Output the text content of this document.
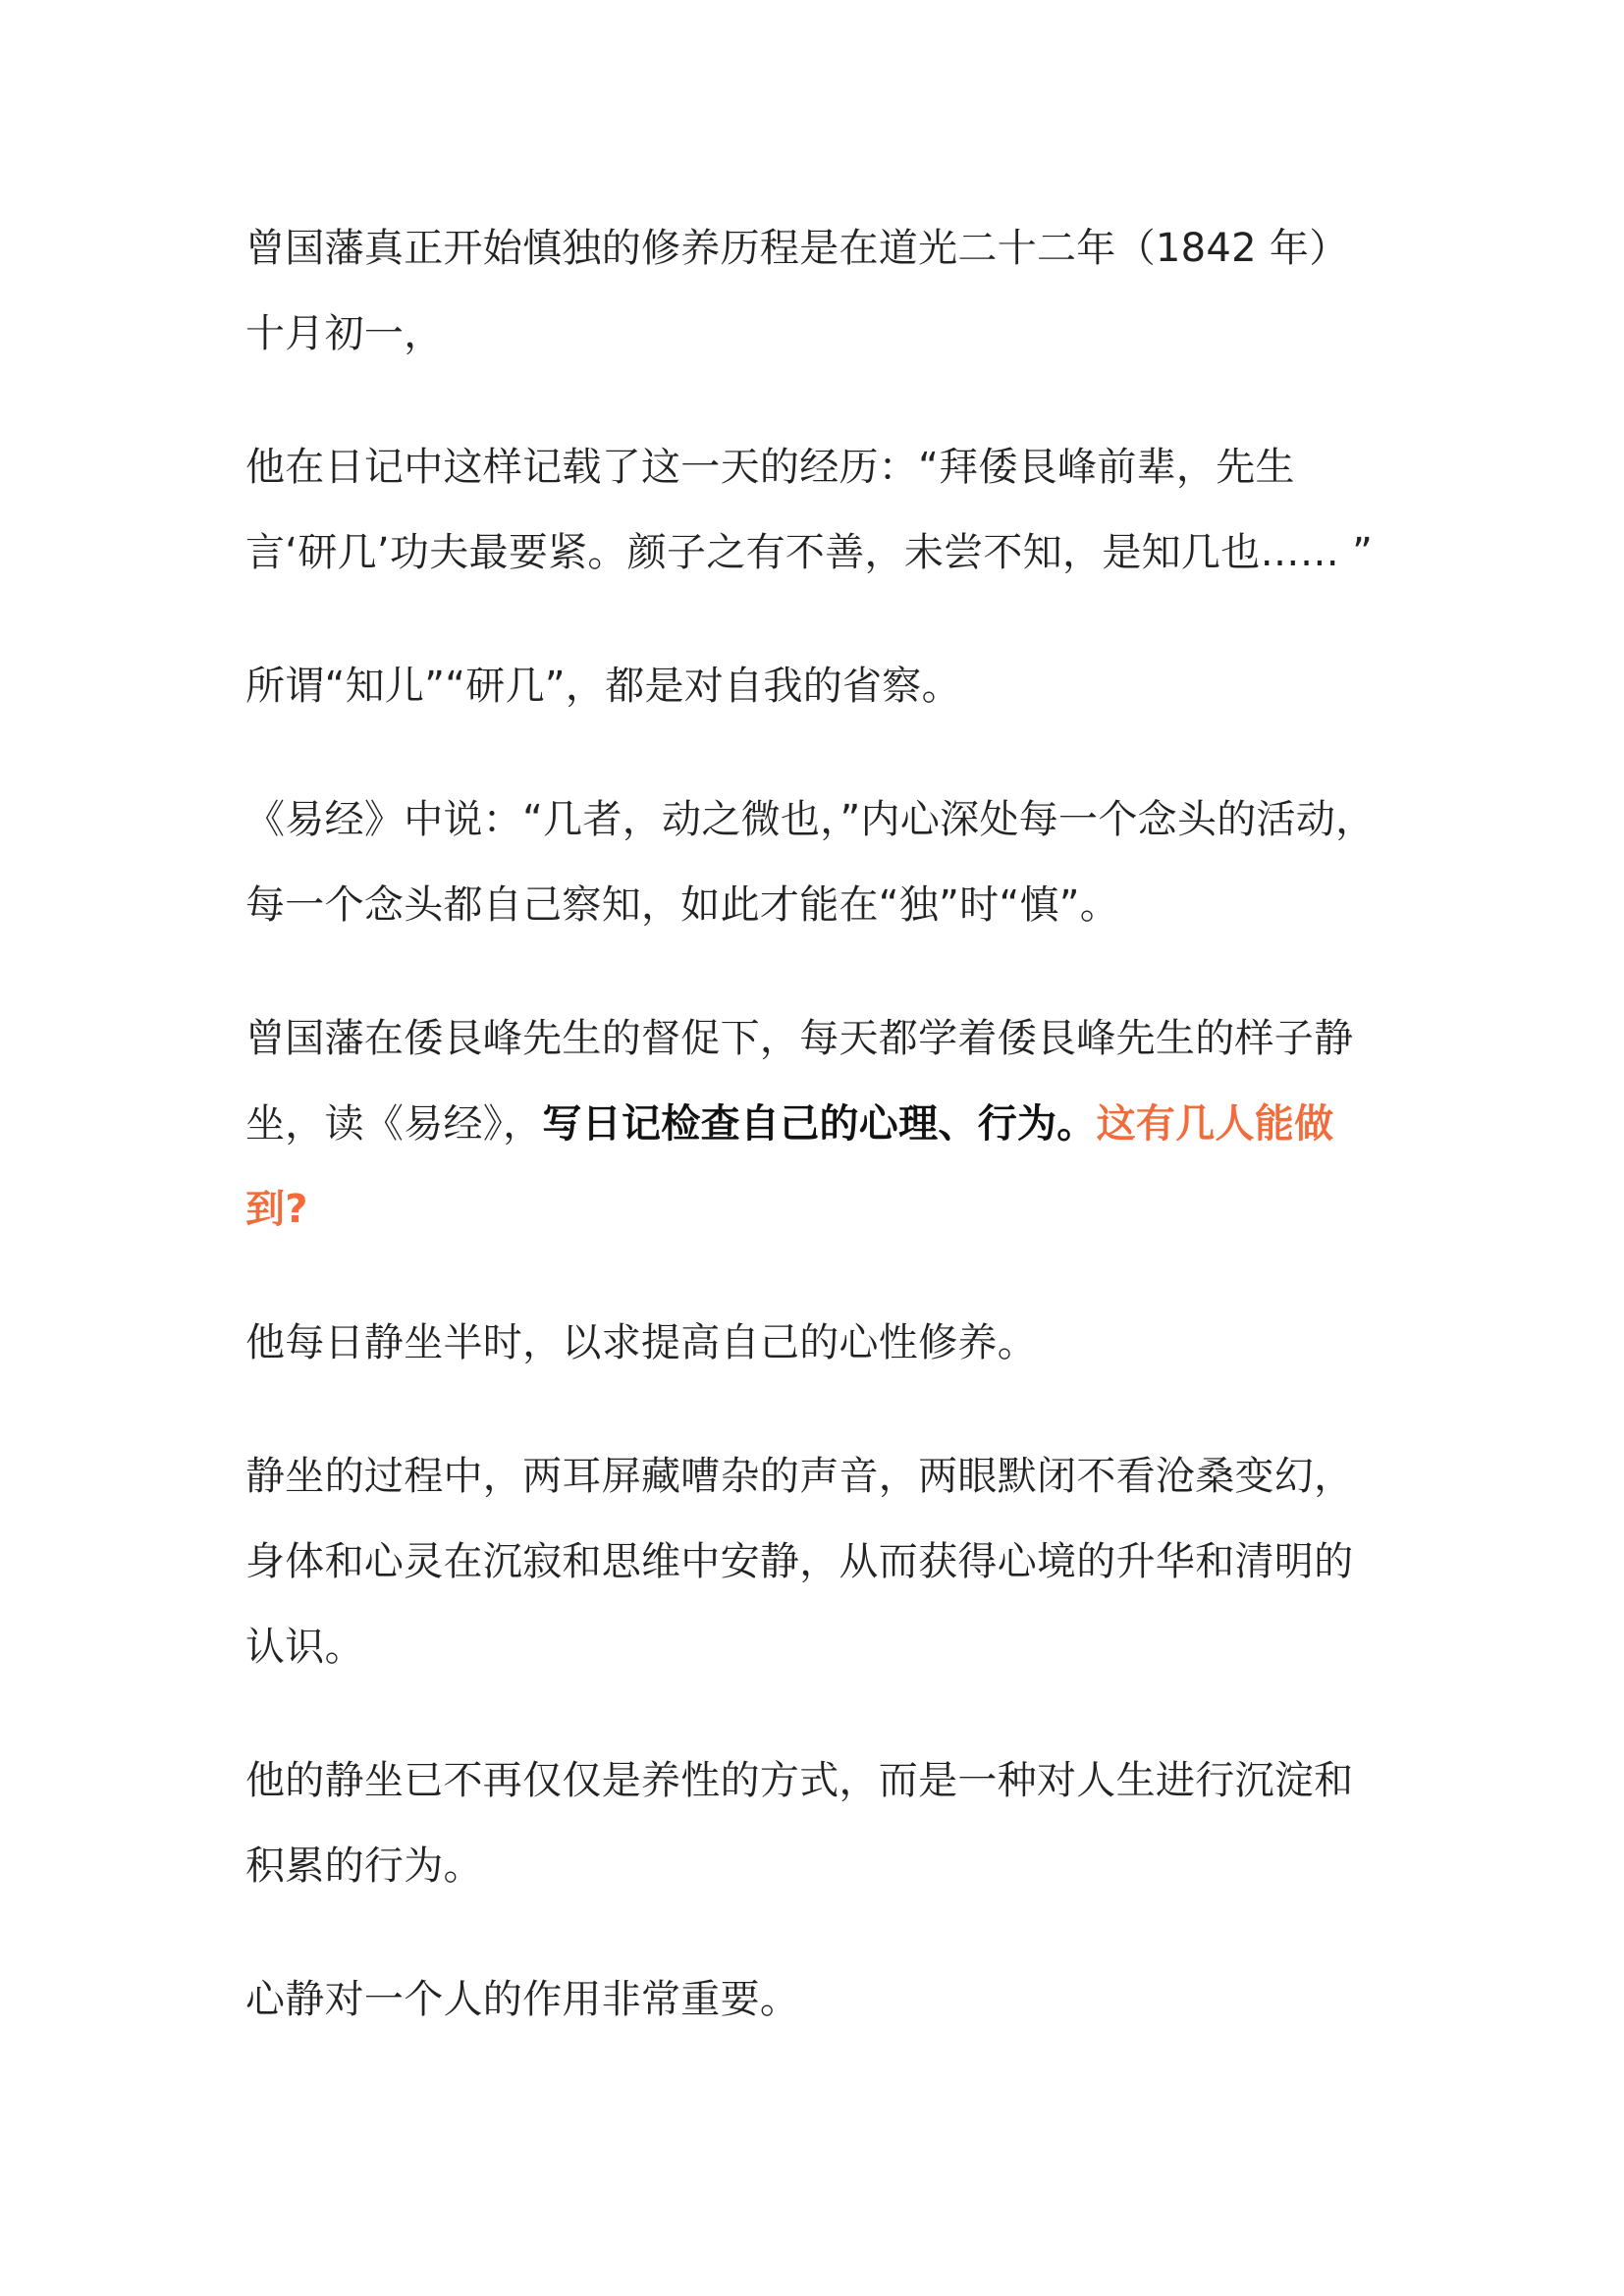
曾国藩真正开始慎独的修养历程是在道光二十二年（1842 年）十月初一，

他在日记中这样记载了这一天的经历：“拜倭艮峰前辈，先生言‘研几’功夫最要紧。颜子之有不善，未尝不知，是知几也…… ”

所谓“知儿”“研几”，都是对自我的省察。

《易经》中说：“几者，动之微也，”内心深处每一个念头的活动，每一个念头都自己察知，如此才能在“独”时“慎”。

曾国藩在倭艮峰先生的督促下，每天都学着倭艮峰先生的样子静坐，读《易经》，写日记检查自己的心理、行为。这有几人能做到?

他每日静坐半时，以求提高自己的心性修养。

静坐的过程中，两耳屏藏嘈杂的声音，两眼默闭不看沧桑变幻，身体和心灵在沉寂和思维中安静，从而获得心境的升华和清明的认识。

他的静坐已不再仅仅是养性的方式，而是一种对人生进行沉淀和积累的行为。

心静对一个人的作用非常重要。
